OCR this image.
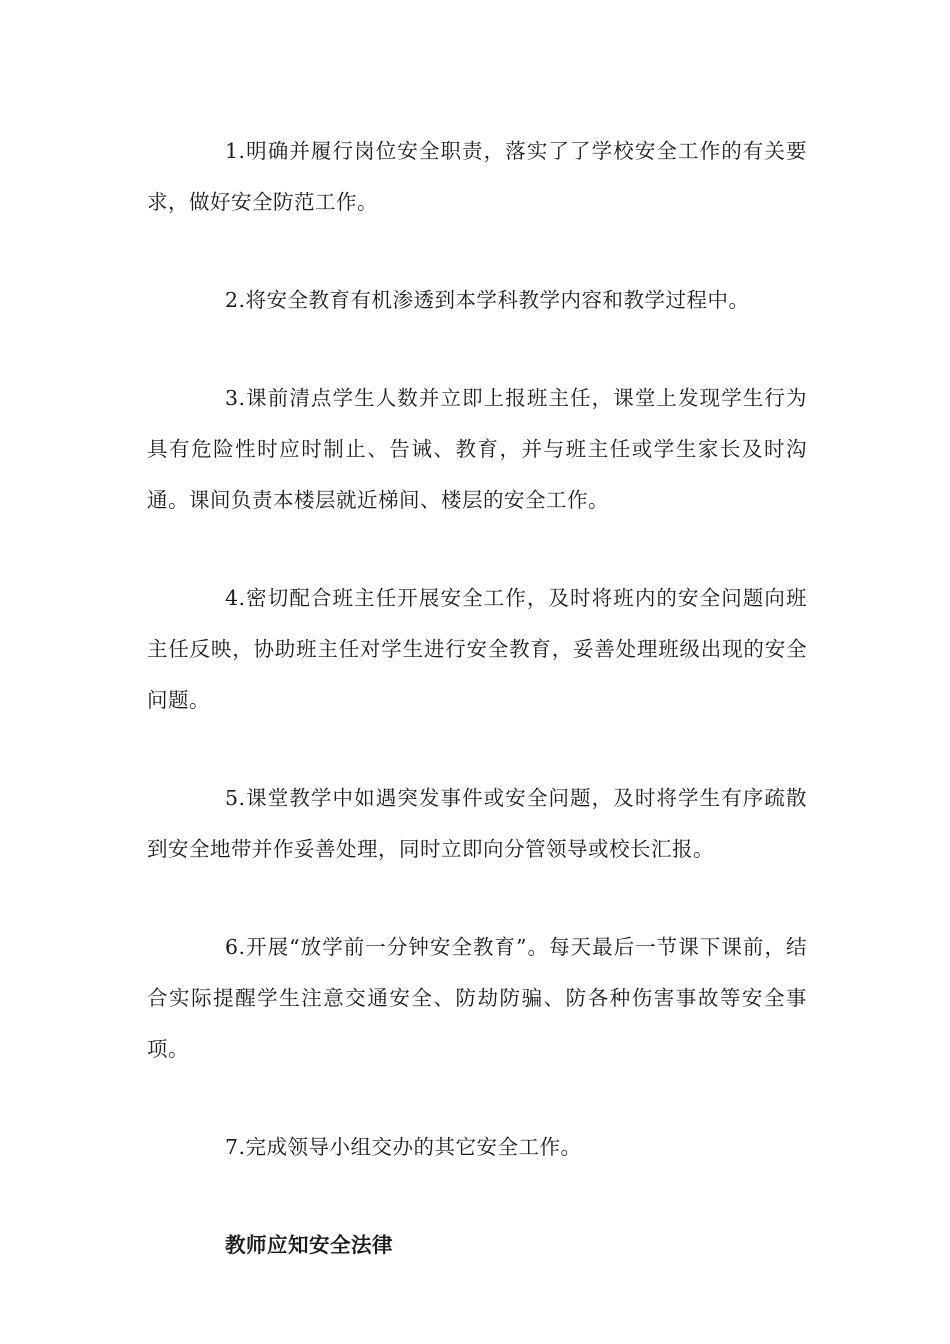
1.明确并履行岗位安全职责，落实了了学校安全工作的有关要求，做好安全防范工作。

2.将安全教育有机渗透到本学科教学内容和教学过程中。

3.课前清点学生人数并立即上报班主任，课堂上发现学生行为具有危险性时应时制止、告诫、教育，并与班主任或学生家长及时沟通。课间负责本楼层就近梯间、楼层的安全工作。

4.密切配合班主任开展安全工作，及时将班内的安全问题向班主任反映，协助班主任对学生进行安全教育，妥善处理班级出现的安全问题。

5.课堂教学中如遇突发事件或安全问题，及时将学生有序疏散到安全地带并作妥善处理，同时立即向分管领导或校长汇报。

6.开展“放学前一分钟安全教育”。每天最后一节课下课前，结合实际提醒学生注意交通安全、防劫防骗、防各种伤害事故等安全事项。

7.完成领导小组交办的其它安全工作。

教师应知安全法律
